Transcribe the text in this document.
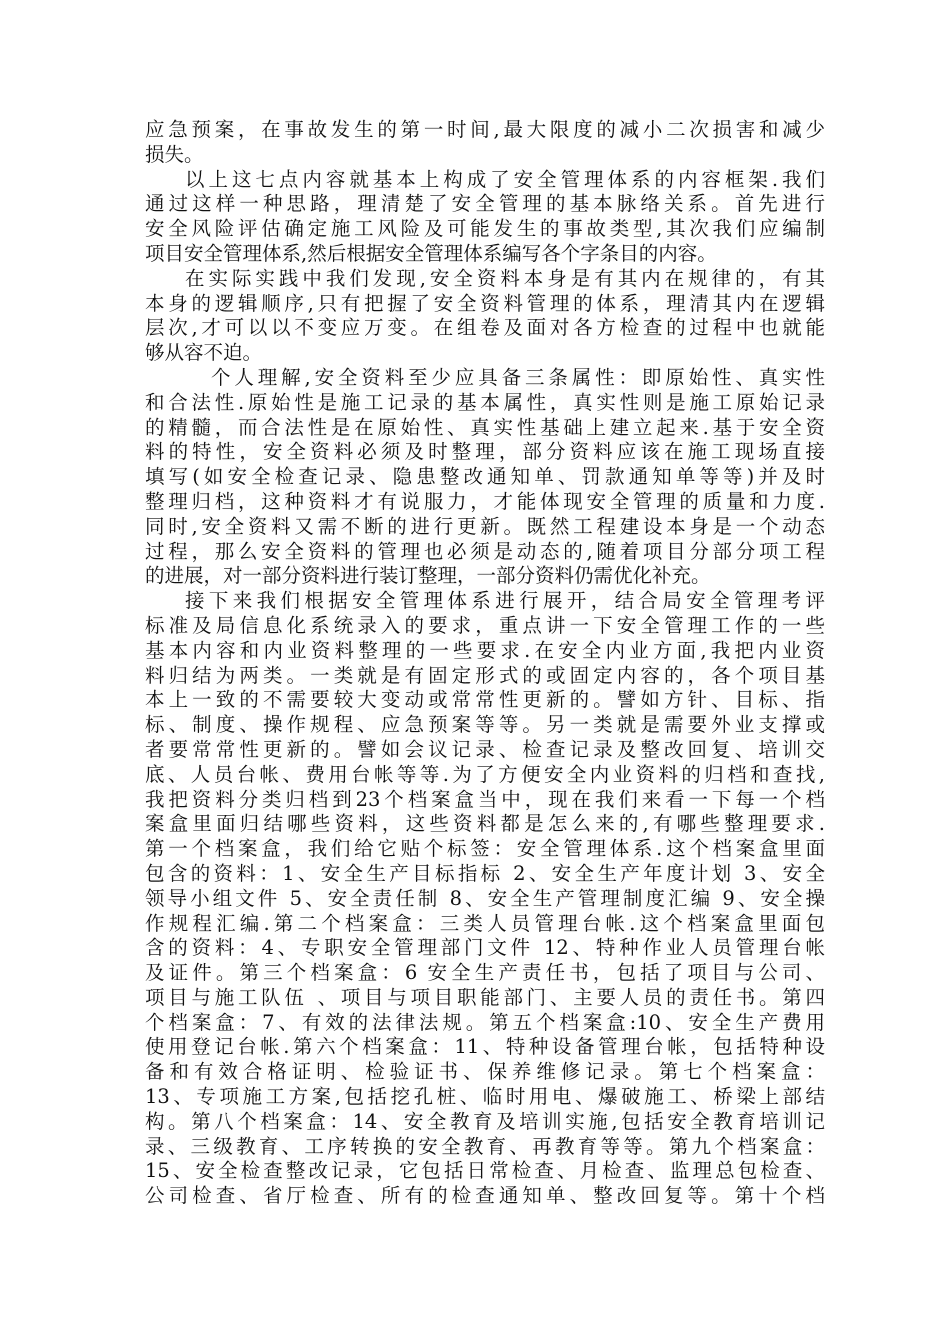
应急预案，在事故发生的第一时间,最大限度的减小二次损害和减少
损失。
以上这七点内容就基本上构成了安全管理体系的内容框架.我们
通过这样一种思路，理清楚了安全管理的基本脉络关系。首先进行
安全风险评估确定施工风险及可能发生的事故类型,其次我们应编制
项目安全管理体系,然后根据安全管理体系编写各个字条目的内容。
在实际实践中我们发现,安全资料本身是有其内在规律的，有其
本身的逻辑顺序,只有把握了安全资料管理的体系，理清其内在逻辑
层次,才可以以不变应万变。在组卷及面对各方检查的过程中也就能
够从容不迫。
个人理解,安全资料至少应具备三条属性：即原始性、真实性
和合法性.原始性是施工记录的基本属性，真实性则是施工原始记录
的精髓，而合法性是在原始性、真实性基础上建立起来.基于安全资
料的特性，安全资料必须及时整理，部分资料应该在施工现场直接
填写(如安全检查记录、隐患整改通知单、罚款通知单等等)并及时
整理归档，这种资料才有说服力，才能体现安全管理的质量和力度.
同时,安全资料又需不断的进行更新。既然工程建设本身是一个动态
过程，那么安全资料的管理也必须是动态的,随着项目分部分项工程
的进展，对一部分资料进行装订整理，一部分资料仍需优化补充。
接下来我们根据安全管理体系进行展开，结合局安全管理考评
标准及局信息化系统录入的要求，重点讲一下安全管理工作的一些
基本内容和内业资料整理的一些要求.在安全内业方面,我把内业资
料归结为两类。一类就是有固定形式的或固定内容的，各个项目基
本上一致的不需要较大变动或常常性更新的。譬如方针、目标、指
标、制度、操作规程、应急预案等等。另一类就是需要外业支撑或
者要常常性更新的。譬如会议记录、检查记录及整改回复、培训交
底、人员台帐、费用台帐等等.为了方便安全内业资料的归档和查找,
我把资料分类归档到23个档案盒当中，现在我们来看一下每一个档
案盒里面归结哪些资料，这些资料都是怎么来的,有哪些整理要求.
第一个档案盒，我们给它贴个标签：安全管理体系.这个档案盒里面
包含的资料：1、安全生产目标指标 2、安全生产年度计划 3、安全
领导小组文件 5、安全责任制 8、安全生产管理制度汇编 9、安全操
作规程汇编.第二个档案盒：三类人员管理台帐.这个档案盒里面包
含的资料：4、专职安全管理部门文件 12、特种作业人员管理台帐
及证件。第三个档案盒：6 安全生产责任书，包括了项目与公司、
项目与施工队伍 、项目与项目职能部门、主要人员的责任书。第四
个档案盒：7、有效的法律法规。第五个档案盒:10、安全生产费用
使用登记台帐.第六个档案盒：11、特种设备管理台帐，包括特种设
备和有效合格证明、检验证书、保养维修记录。第七个档案盒：
13、专项施工方案,包括挖孔桩、临时用电、爆破施工、桥梁上部结
构。第八个档案盒：14、安全教育及培训实施,包括安全教育培训记
录、三级教育、工序转换的安全教育、再教育等等。第九个档案盒：
15、安全检查整改记录，它包括日常检查、月检查、监理总包检查、
公司检查、省厅检查、所有的检查通知单、整改回复等。第十个档
